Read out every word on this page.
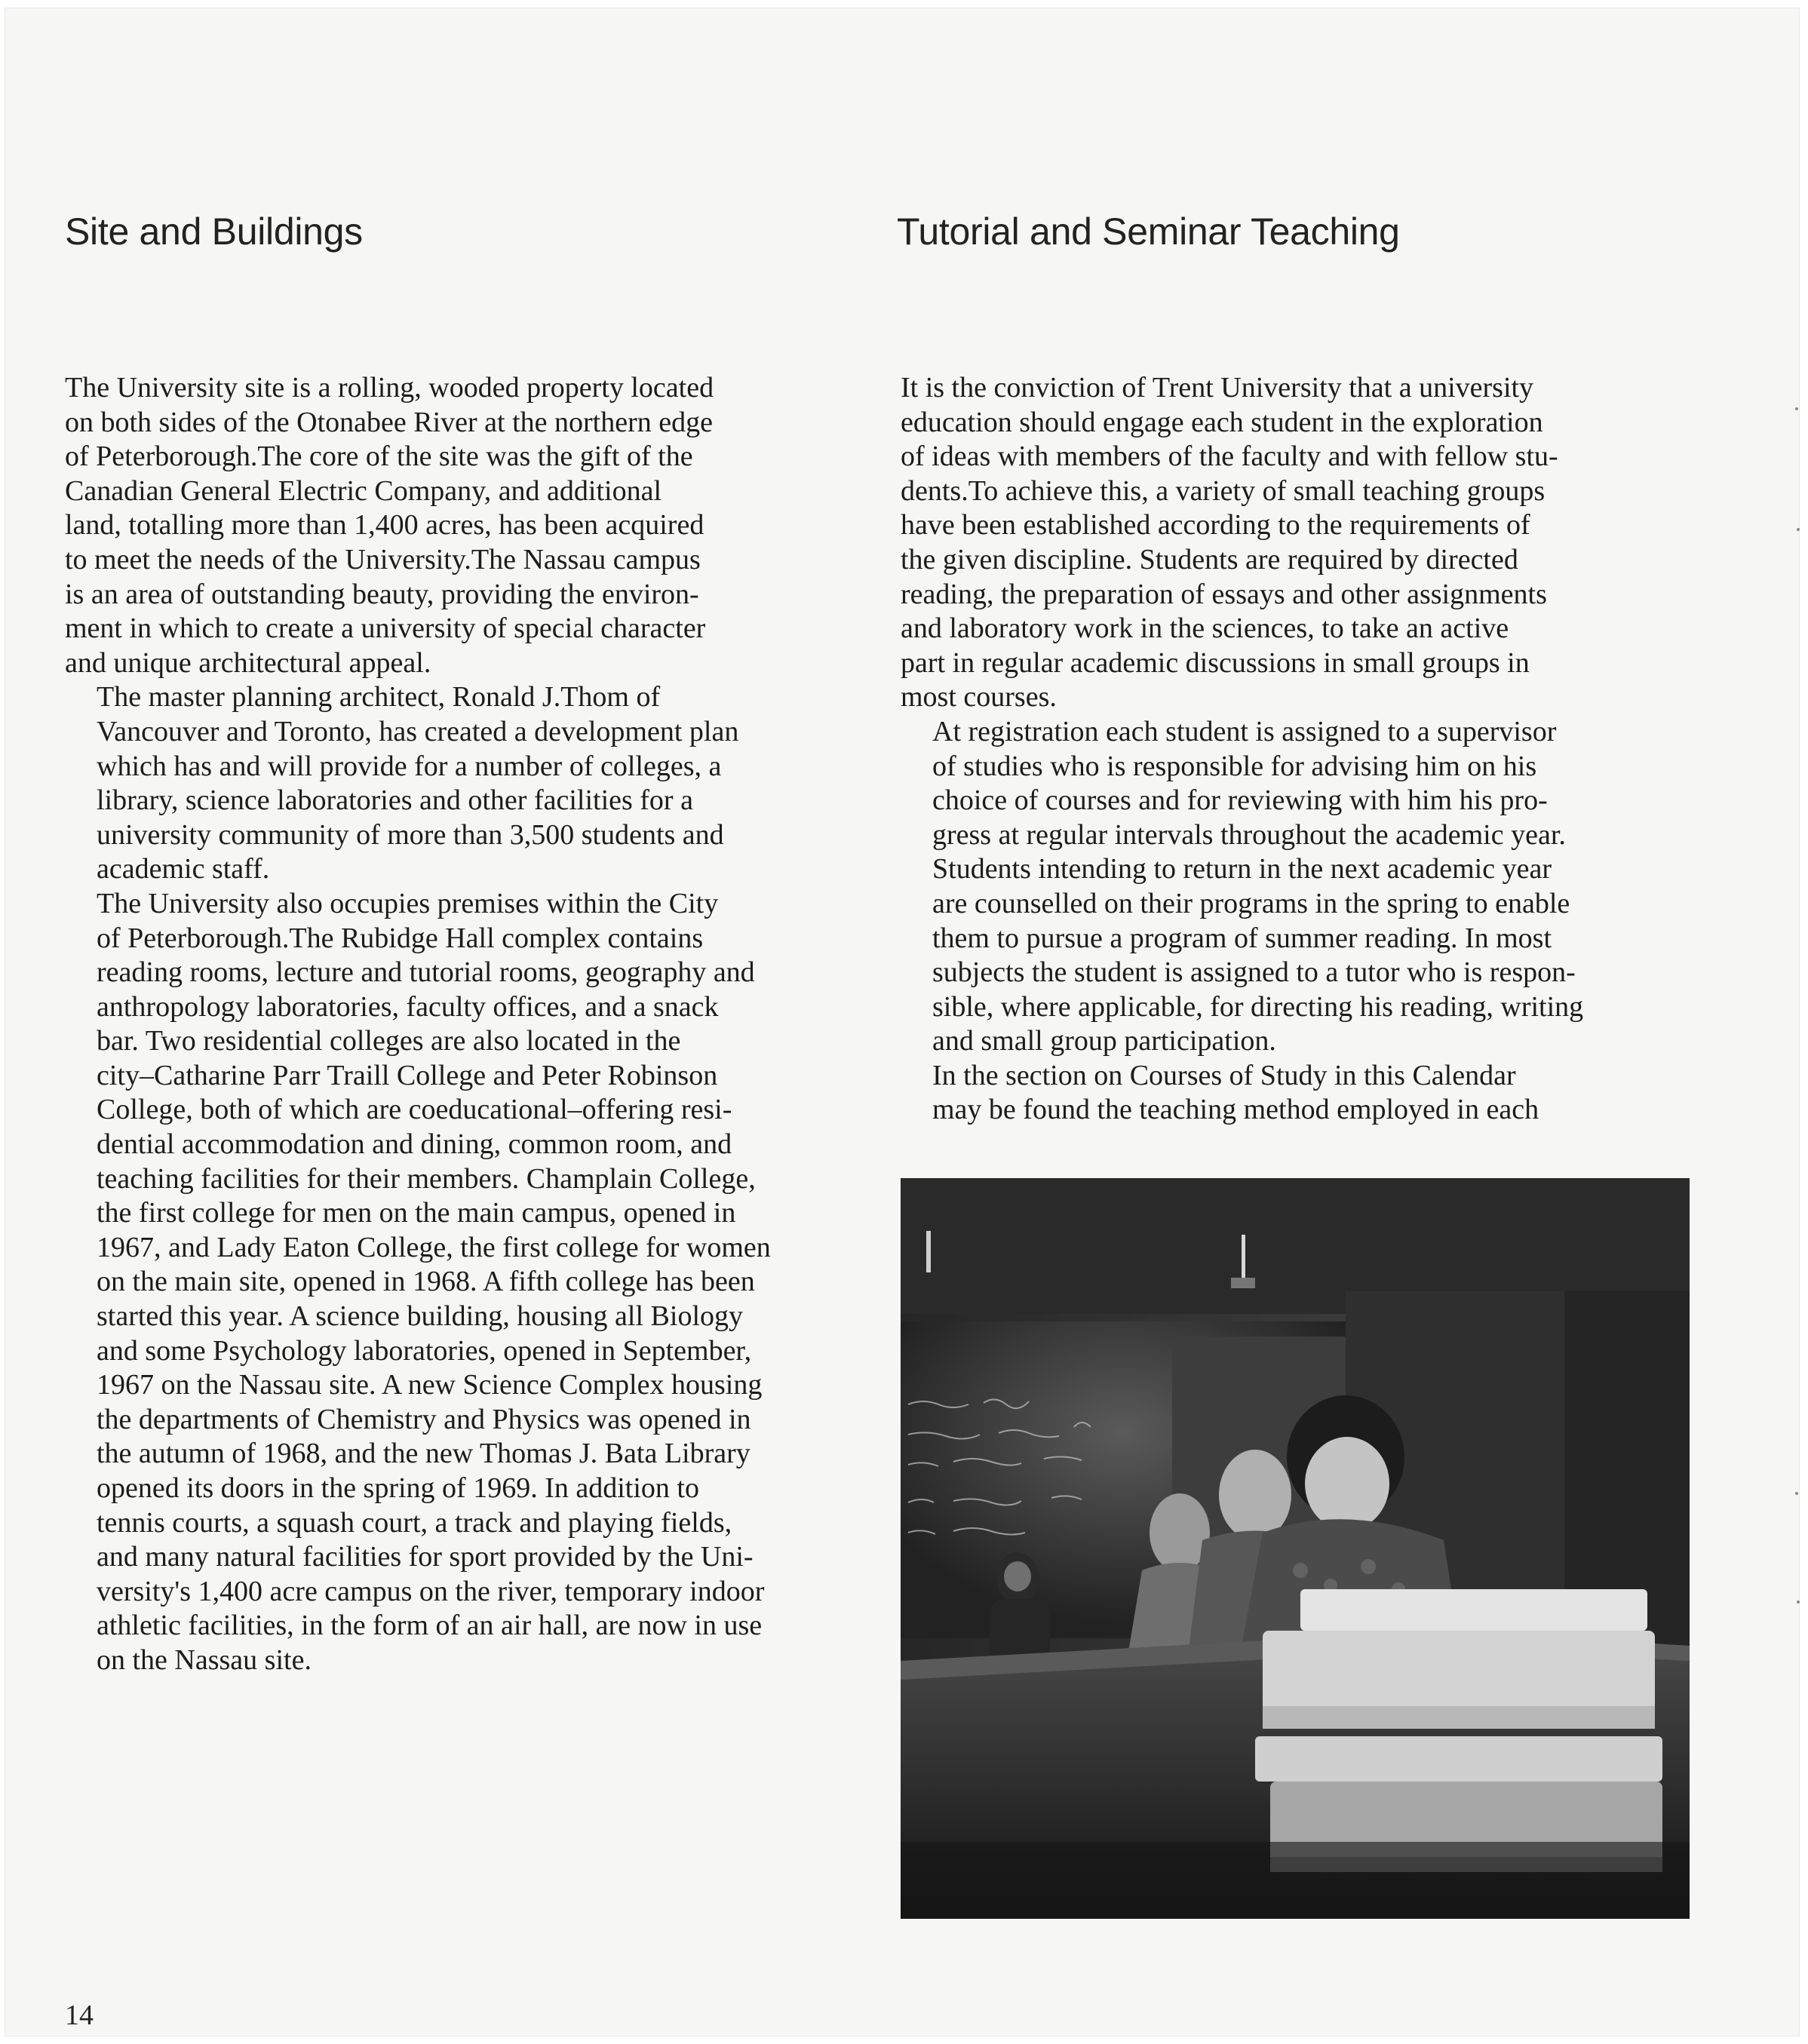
Site and Buildings	Tutorial and Seminar Teaching

The University site is a rolling, wooded property located
on both sides of the Otonabee River at the northern edge
of Peterborough.The core of the site was the gift of the
Canadian General Electric Company, and additional
land, totalling more than 1,400 acres, has been acquired
to meet the needs of the University.The Nassau campus
is an area of outstanding beauty, providing the environ-
ment in which to create a university of special character
and unique architectural appeal.

The master planning architect, Ronald J.Thom of
Vancouver and Toronto, has created a development plan
which has and will provide for a number of colleges, a
library, science laboratories and other facilities for a
university community of more than 3,500 students and
academic staff.

The University also occupies premises within the City
of Peterborough.The Rubidge Hall complex contains
reading rooms, lecture and tutorial rooms, geography and
anthropology laboratories, faculty offices, and a snack
bar. Two residential colleges are also located in the
city–Catharine Parr Traill College and Peter Robinson
College, both of which are coeducational–offering resi-
dential accommodation and dining, common room, and
teaching facilities for their members. Champlain College,
the first college for men on the main campus, opened in
1967, and Lady Eaton College, the first college for women
on the main site, opened in 1968. A fifth college has been
started this year. A science building, housing all Biology
and some Psychology laboratories, opened in September,
1967 on the Nassau site. A new Science Complex housing
the departments of Chemistry and Physics was opened in
the autumn of 1968, and the new Thomas J. Bata Library
opened its doors in the spring of 1969. In addition to
tennis courts, a squash court, a track and playing fields,
and many natural facilities for sport provided by the Uni-
versity's 1,400 acre campus on the river, temporary indoor
athletic facilities, in the form of an air hall, are now in use
on the Nassau site.

It is the conviction of Trent University that a university
education should engage each student in the exploration
of ideas with members of the faculty and with fellow stu-
dents.To achieve this, a variety of small teaching groups
have been established according to the requirements of
the given discipline. Students are required by directed
reading, the preparation of essays and other assignments
and laboratory work in the sciences, to take an active
part in regular academic discussions in small groups in
most courses.

At registration each student is assigned to a supervisor
of studies who is responsible for advising him on his
choice of courses and for reviewing with him his pro-
gress at regular intervals throughout the academic year.
Students intending to return in the next academic year
are counselled on their programs in the spring to enable
them to pursue a program of summer reading. In most
subjects the student is assigned to a tutor who is respon-
sible, where applicable, for directing his reading, writing
and small group participation.

In the section on Courses of Study in this Calendar
may be found the teaching method employed in each

14
